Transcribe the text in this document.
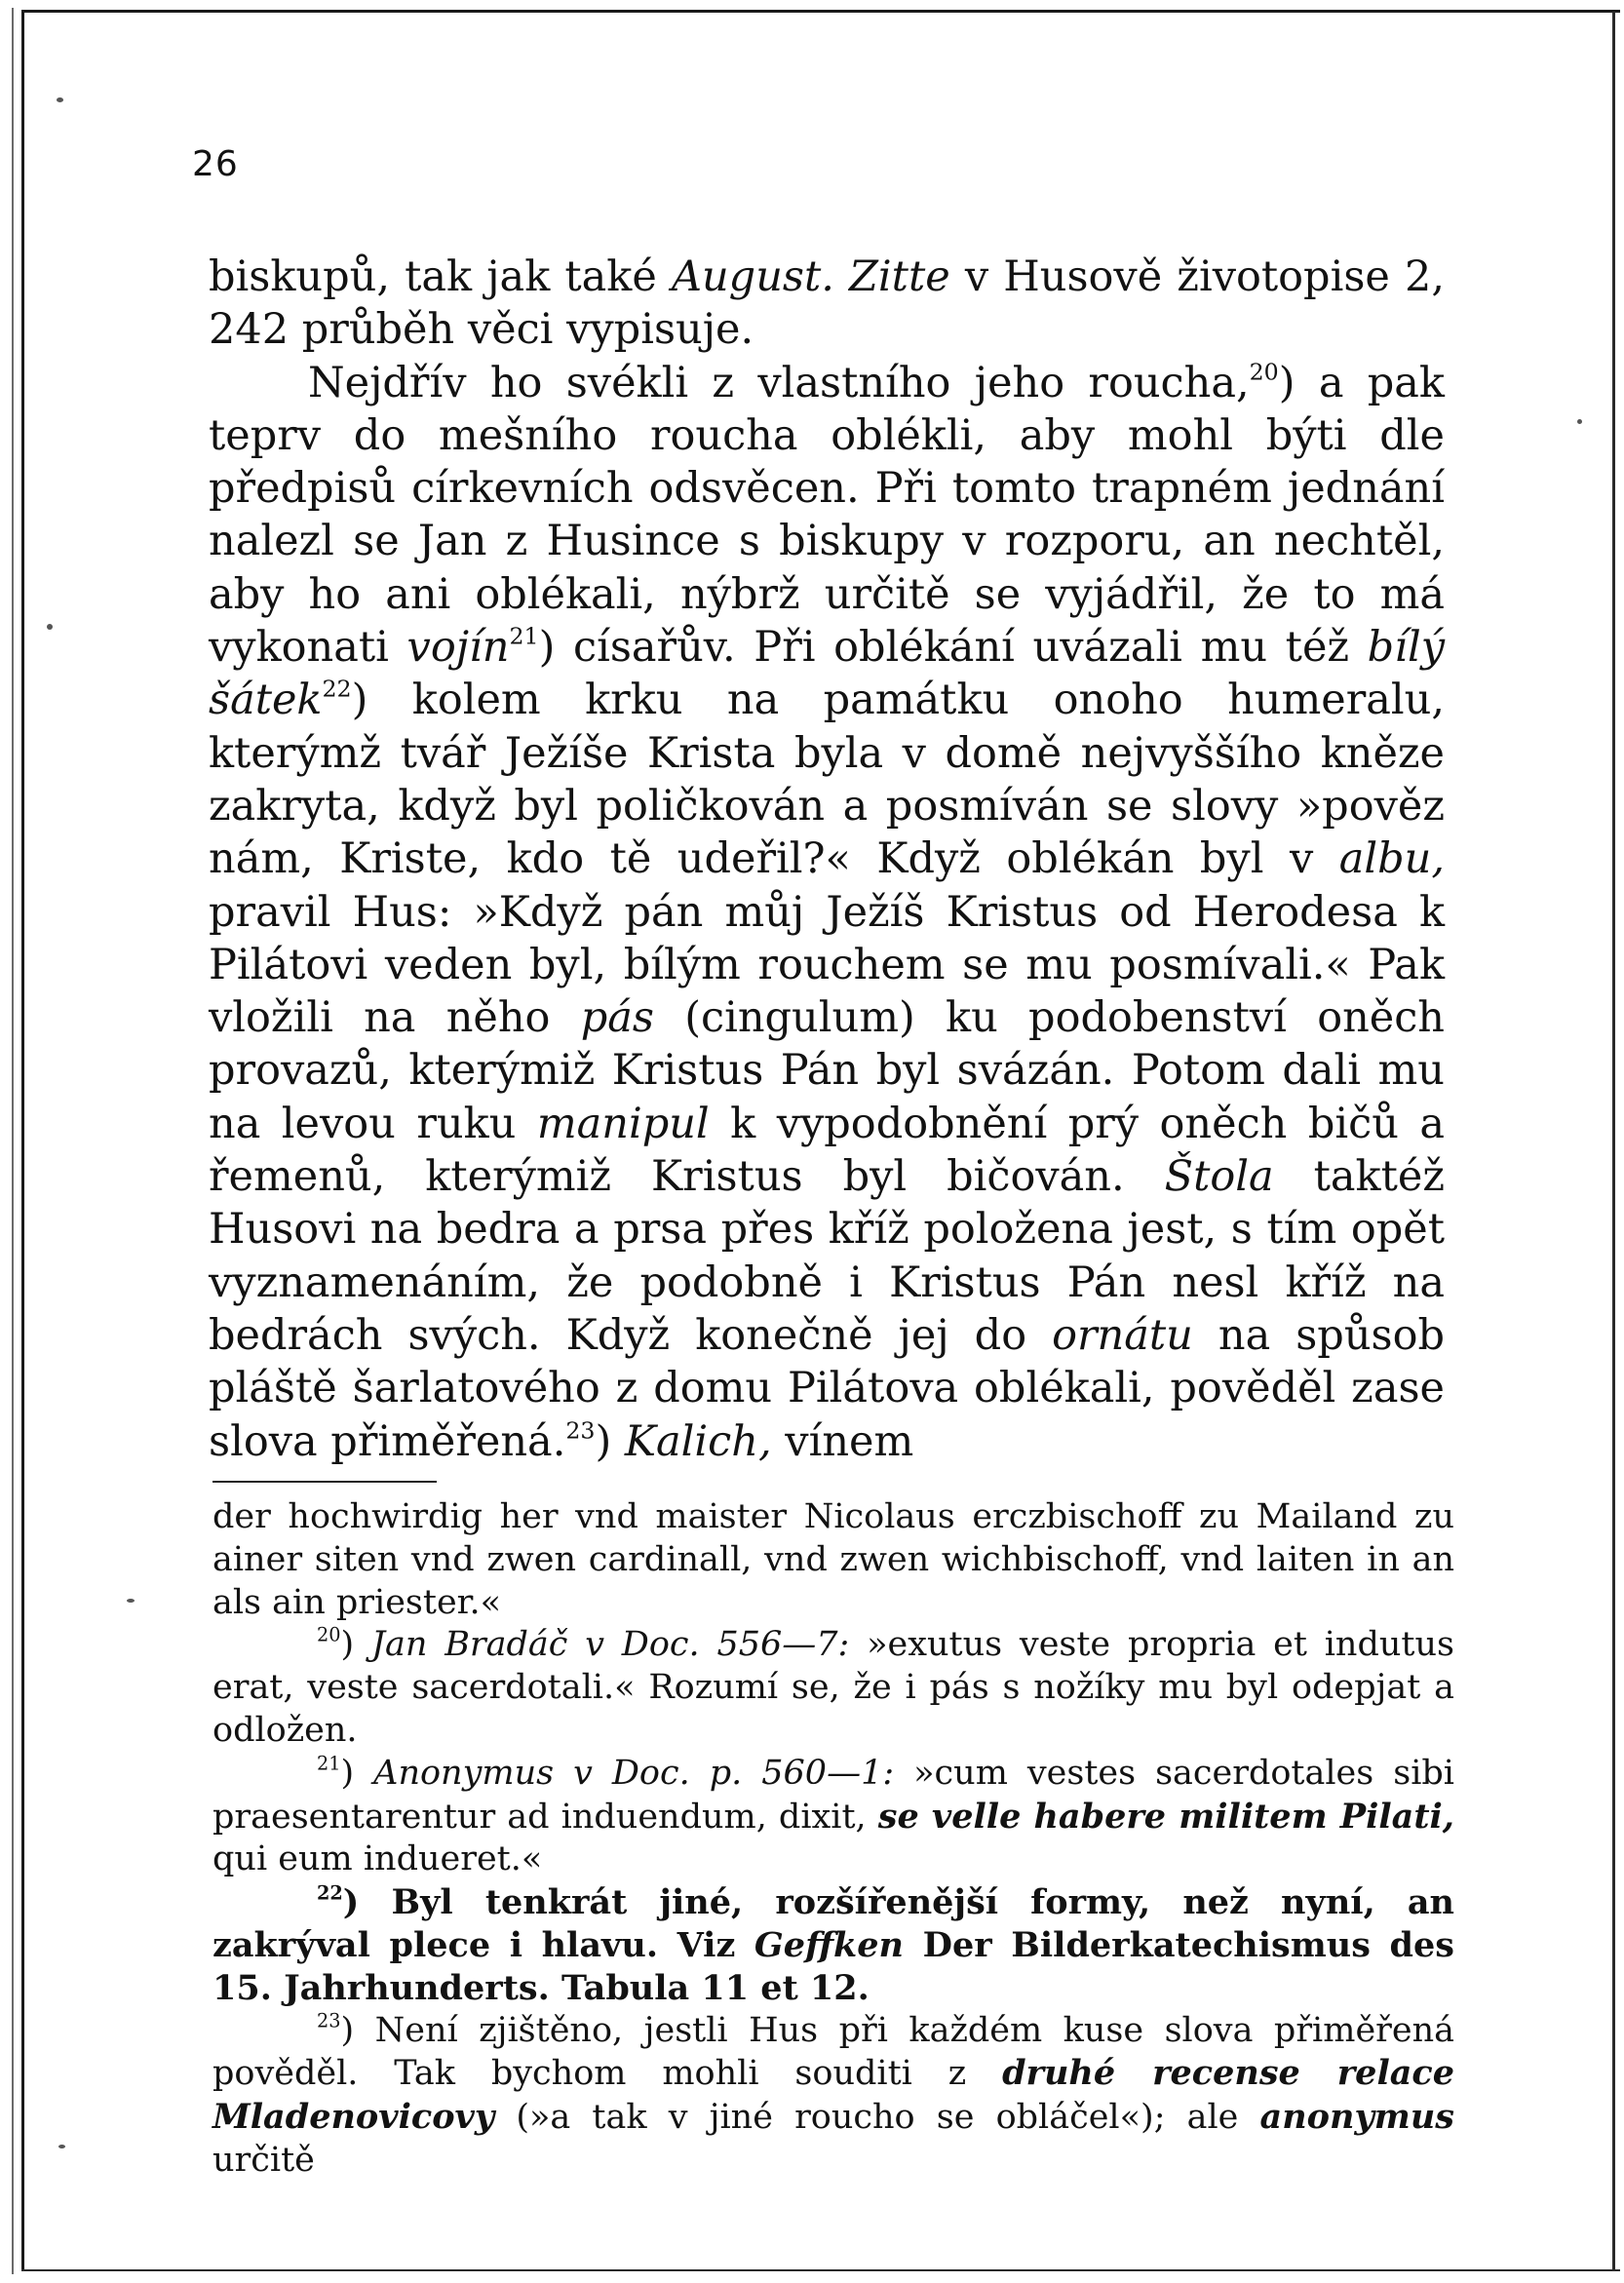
26

biskupů, tak jak také August. Zitte v Husově životopise 2, 242 průběh věci vypisuje.

Nejdřív ho svékli z vlastního jeho roucha,$^{20}$) a pak teprv do mešního roucha oblékli, aby mohl býti dle předpisů církevních odsvěcen. Při tomto trapném jednání nalezl se Jan z Husince s biskupy v rozporu, an nechtěl, aby ho ani oblékali, nýbrž určitě se vyjádřil, že to má vykonati vojín$^{21}$) císařův. Při oblékání uvázali mu též bílý šátek$^{22}$) kolem krku na památku onoho humeralu, kterýmž tvář Ježíše Krista byla v domě nejvyššího kněze zakryta, když byl poličkován a posmíván se slovy »pověz nám, Kriste, kdo tě udeřil?« Když oblékán byl v albu, pravil Hus: »Když pán můj Ježíš Kristus od Herodesa k Pilátovi veden byl, bílým rouchem se mu posmívali.« Pak vložili na něho pás (cingulum) ku podobenství oněch provazů, kterýmiž Kristus Pán byl svázán. Potom dali mu na levou ruku manipul k vypodobnění prý oněch bičů a řemenů, kterýmiž Kristus byl bičován. Štola taktéž Husovi na bedra a prsa přes kříž položena jest, s tím opět vyznamenáním, že podobně i Kristus Pán nesl kříž na bedrách svých. Když konečně jej do ornátu na spůsob pláště šarlatového z domu Pilátova oblékali, pověděl zase slova přiměřená.$^{23}$) Kalich, vínem

der hochwirdig her vnd maister Nicolaus erczbischoff zu Mailand zu ainer siten vnd zwen cardinall, vnd zwen wichbischoff, vnd laiten in an als ain priester.«

$^{20}$) Jan Bradáč v Doc. 556—7: »exutus veste propria et indutus erat, veste sacerdotali.« Rozumí se, že i pás s nožíky mu byl odepjat a odložen.

$^{21}$) Anonymus v Doc. p. 560—1: »cum vestes sacerdotales sibi praesentarentur ad induendum, dixit, se velle habere militem Pilati, qui eum indueret.«

$^{22}$) Byl tenkrát jiné, rozšířenější formy, než nyní, an zakrýval plece i hlavu. Viz Geffken Der Bilderkatechismus des 15. Jahrhunderts. Tabula 11 et 12.

$^{23}$) Není zjištěno, jestli Hus při každém kuse slova přiměřená pověděl. Tak bychom mohli souditi z druhé recense relace Mladenovicovy (»a tak v jiné roucho se obláčel«); ale anonymus určitě
